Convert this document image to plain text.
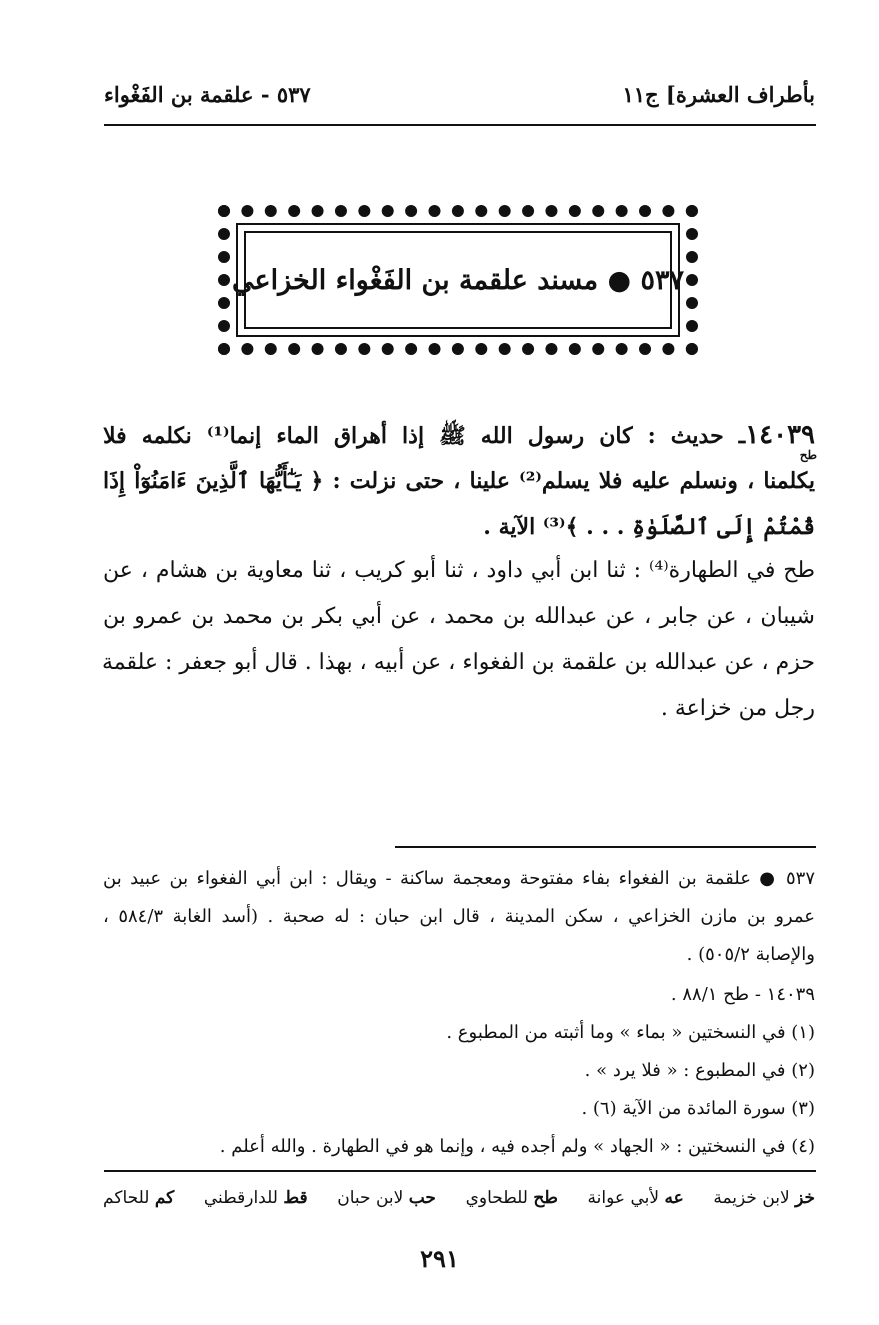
بأطراف العشرة] ج١١
٥٣٧ - علقمة بن الفَغْواء
٥٣٧ ● مسند علقمة بن الفَغْواء الخزاعي
١٤٠٣٩ـ حديث : كان رسول الله ﷺ إذا أهراق الماء إنما⁽¹⁾ نكلمه فلا
طح
يكلمنا ، ونسلم عليه فلا يسلم⁽²⁾ علينا ، حتى نزلت : ﴿ يَـٰٓأَيُّهَا ٱلَّذِينَ ءَامَنُوٓاْ إِذَا
قُمْتُمْ إِلَى ٱلصَّلَوٰةِ . . . ﴾⁽³⁾ الآية .
طح في الطهارة⁽⁴⁾ : ثنا ابن أبي داود ، ثنا أبو كريب ، ثنا معاوية بن هشام ، عن
شيبان ، عن جابر ، عن عبدالله بن محمد ، عن أبي بكر بن محمد بن عمرو بن
حزم ، عن عبدالله بن علقمة بن الفغواء ، عن أبيه ، بهذا . قال أبو جعفر : علقمة
رجل من خزاعة .
٥٣٧ ● علقمة بن الفغواء بفاء مفتوحة ومعجمة ساكنة - ويقال : ابن أبي الفغواء بن عبيد بن
عمرو بن مازن الخزاعي ، سكن المدينة ، قال ابن حبان : له صحبة . (أسد الغابة ٥٨٤/٣ ،
والإصابة ٥٠٥/٢) .
١٤٠٣٩ - طح ٨٨/١ .
(١) في النسختين « بماء » وما أثبته من المطبوع .
(٢) في المطبوع : « فلا يرد » .
(٣) سورة المائدة من الآية (٦) .
(٤) في النسختين : « الجهاد » ولم أجده فيه ، وإنما هو في الطهارة . والله أعلم .
خز لابن خزيمة
عه لأبي عوانة
طح للطحاوي
حب لابن حبان
قط للدارقطني
كم للحاكم
٢٩١
